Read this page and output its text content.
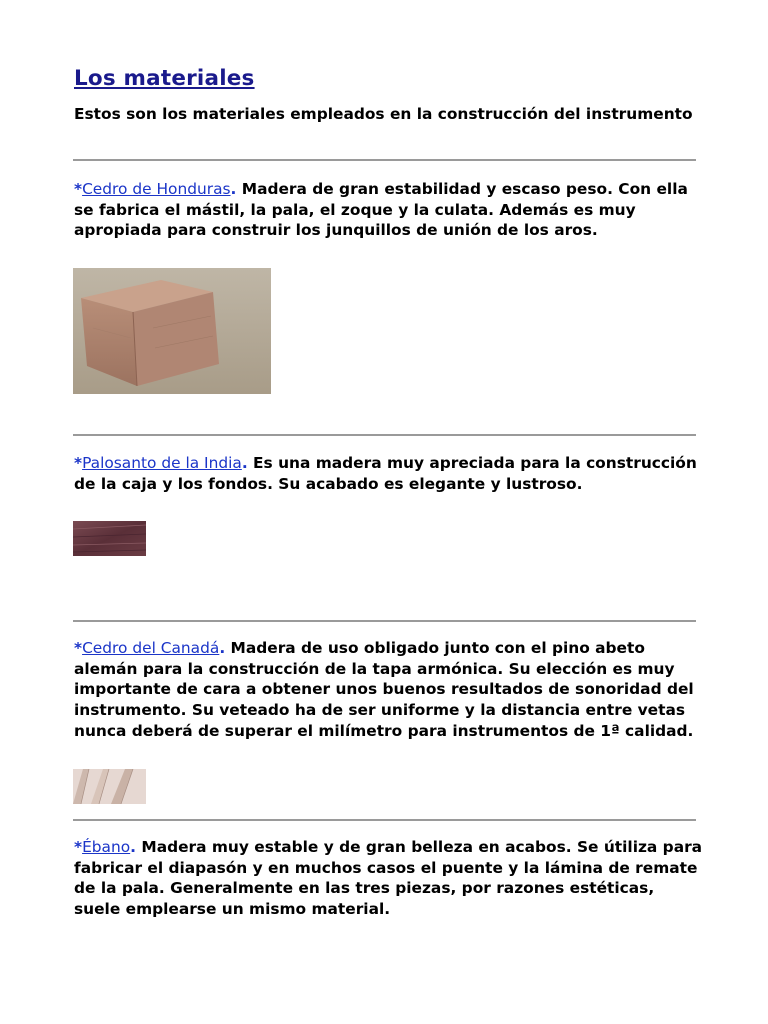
Los materiales
Estos son los materiales empleados en la construcción del instrumento
*Cedro de Honduras. Madera de gran estabilidad y escaso peso. Con ella se fabrica el mástil, la pala, el zoque y la culata. Además es muy apropiada para construir los junquillos de unión de los aros.
*Palosanto de la India. Es una madera muy apreciada para la construcción de la caja y los fondos. Su acabado es elegante y lustroso.
*Cedro del Canadá. Madera de uso obligado junto con el pino abeto alemán para la construcción de la tapa armónica. Su elección es muy importante de cara a obtener unos buenos resultados de sonoridad del instrumento. Su veteado ha de ser uniforme y la distancia entre vetas nunca deberá de superar el milímetro para instrumentos de 1ª calidad.
*Ébano. Madera muy estable y de gran belleza en acabos. Se útiliza para fabricar el diapasón y en muchos casos el puente y la lámina de remate de la pala. Generalmente en las tres piezas, por razones estéticas, suele emplearse un mismo material.
